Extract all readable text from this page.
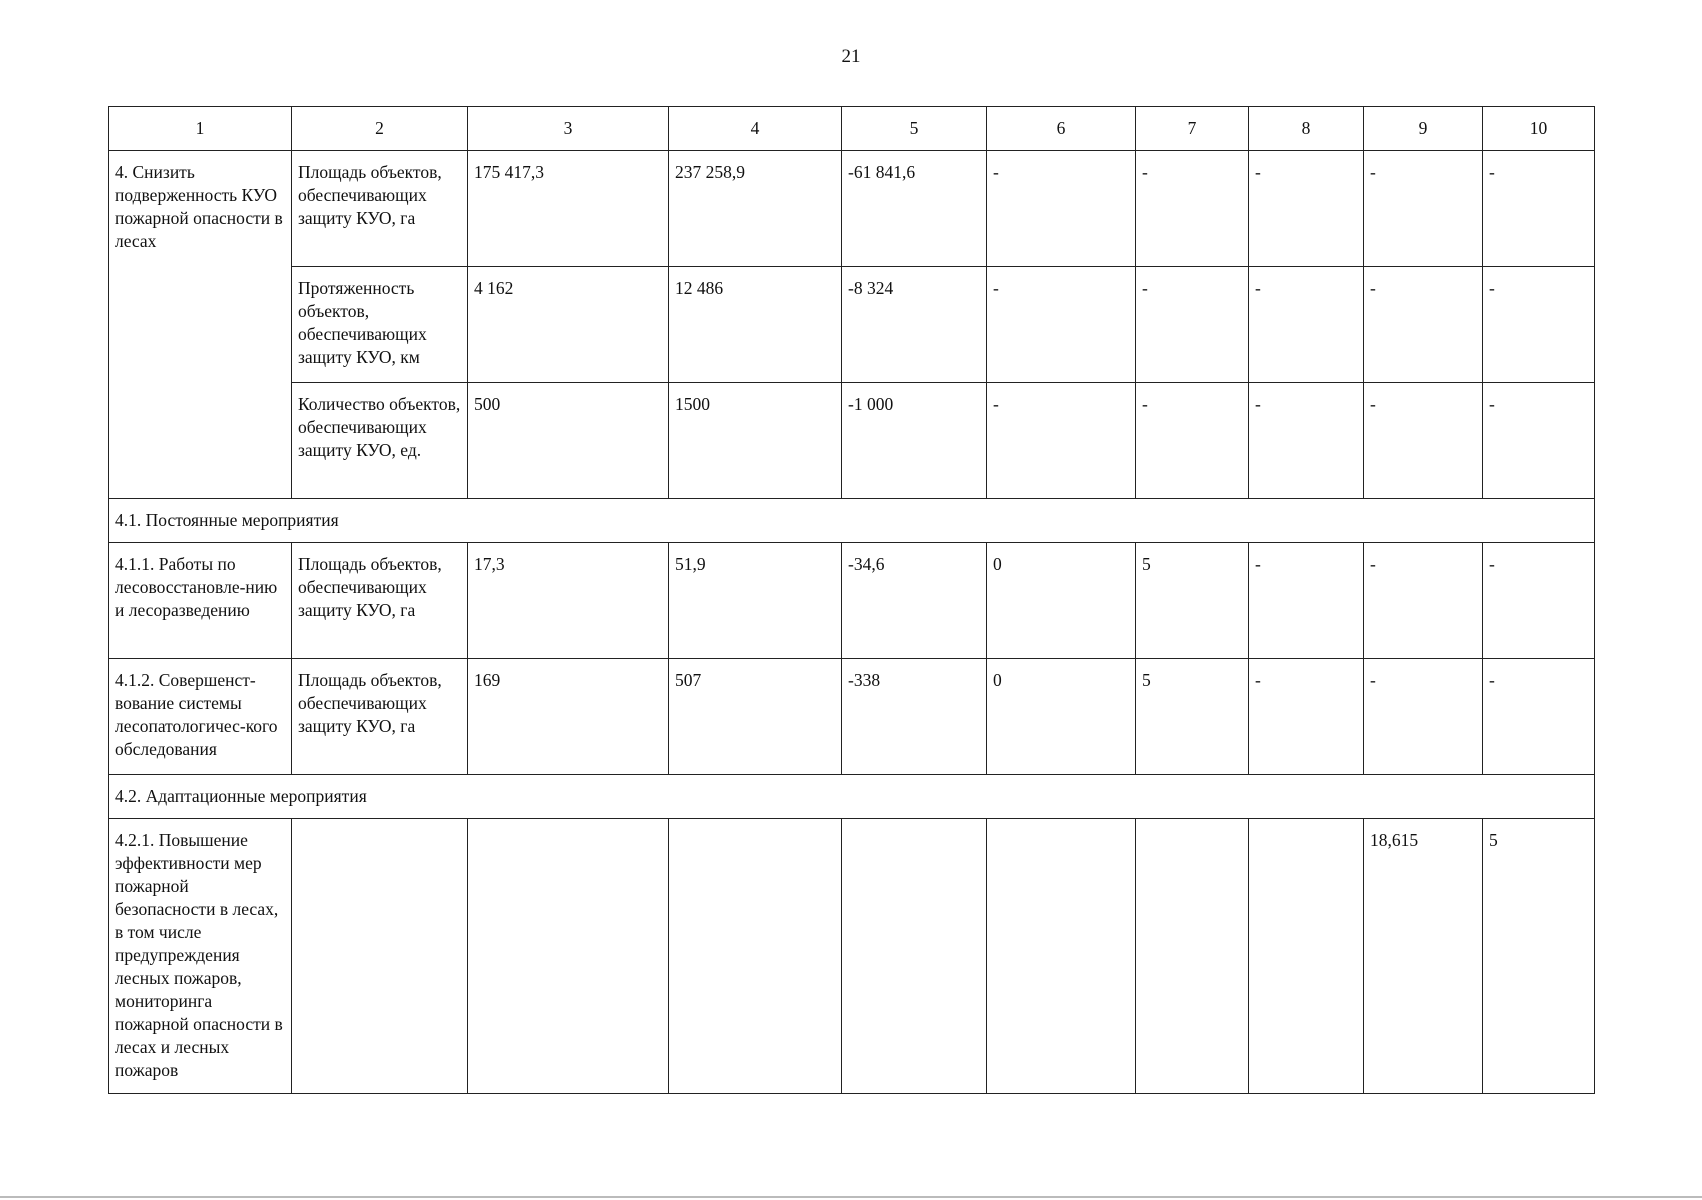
21
1	2	3	4	5	6	7	8	9	10
4. Снизить подверженность КУО пожарной опасности в лесах	Площадь объектов, обеспечивающих защиту КУО, га	175 417,3	237 258,9	-61 841,6	-	-	-	-	-
	Протяженность объектов, обеспечивающих защиту КУО, км	4 162	12 486	-8 324	-	-	-	-	-
	Количество объектов, обеспечивающих защиту КУО, ед.	500	1500	-1 000	-	-	-	-	-
4.1. Постоянные мероприятия									
4.1.1. Работы по лесовосстановле-нию и лесоразведению	Площадь объектов, обеспечивающих защиту КУО, га	17,3	51,9	-34,6	0	5	-	-	-
4.1.2. Совершенст-вование системы лесопатологичес-кого обследования	Площадь объектов, обеспечивающих защиту КУО, га	169	507	-338	0	5	-	-	-
4.2. Адаптационные мероприятия									
4.2.1. Повышение эффективности мер пожарной безопасности в лесах, в том числе предупреждения лесных пожаров, мониторинга пожарной опасности в лесах и лесных пожаров								18,615	5
